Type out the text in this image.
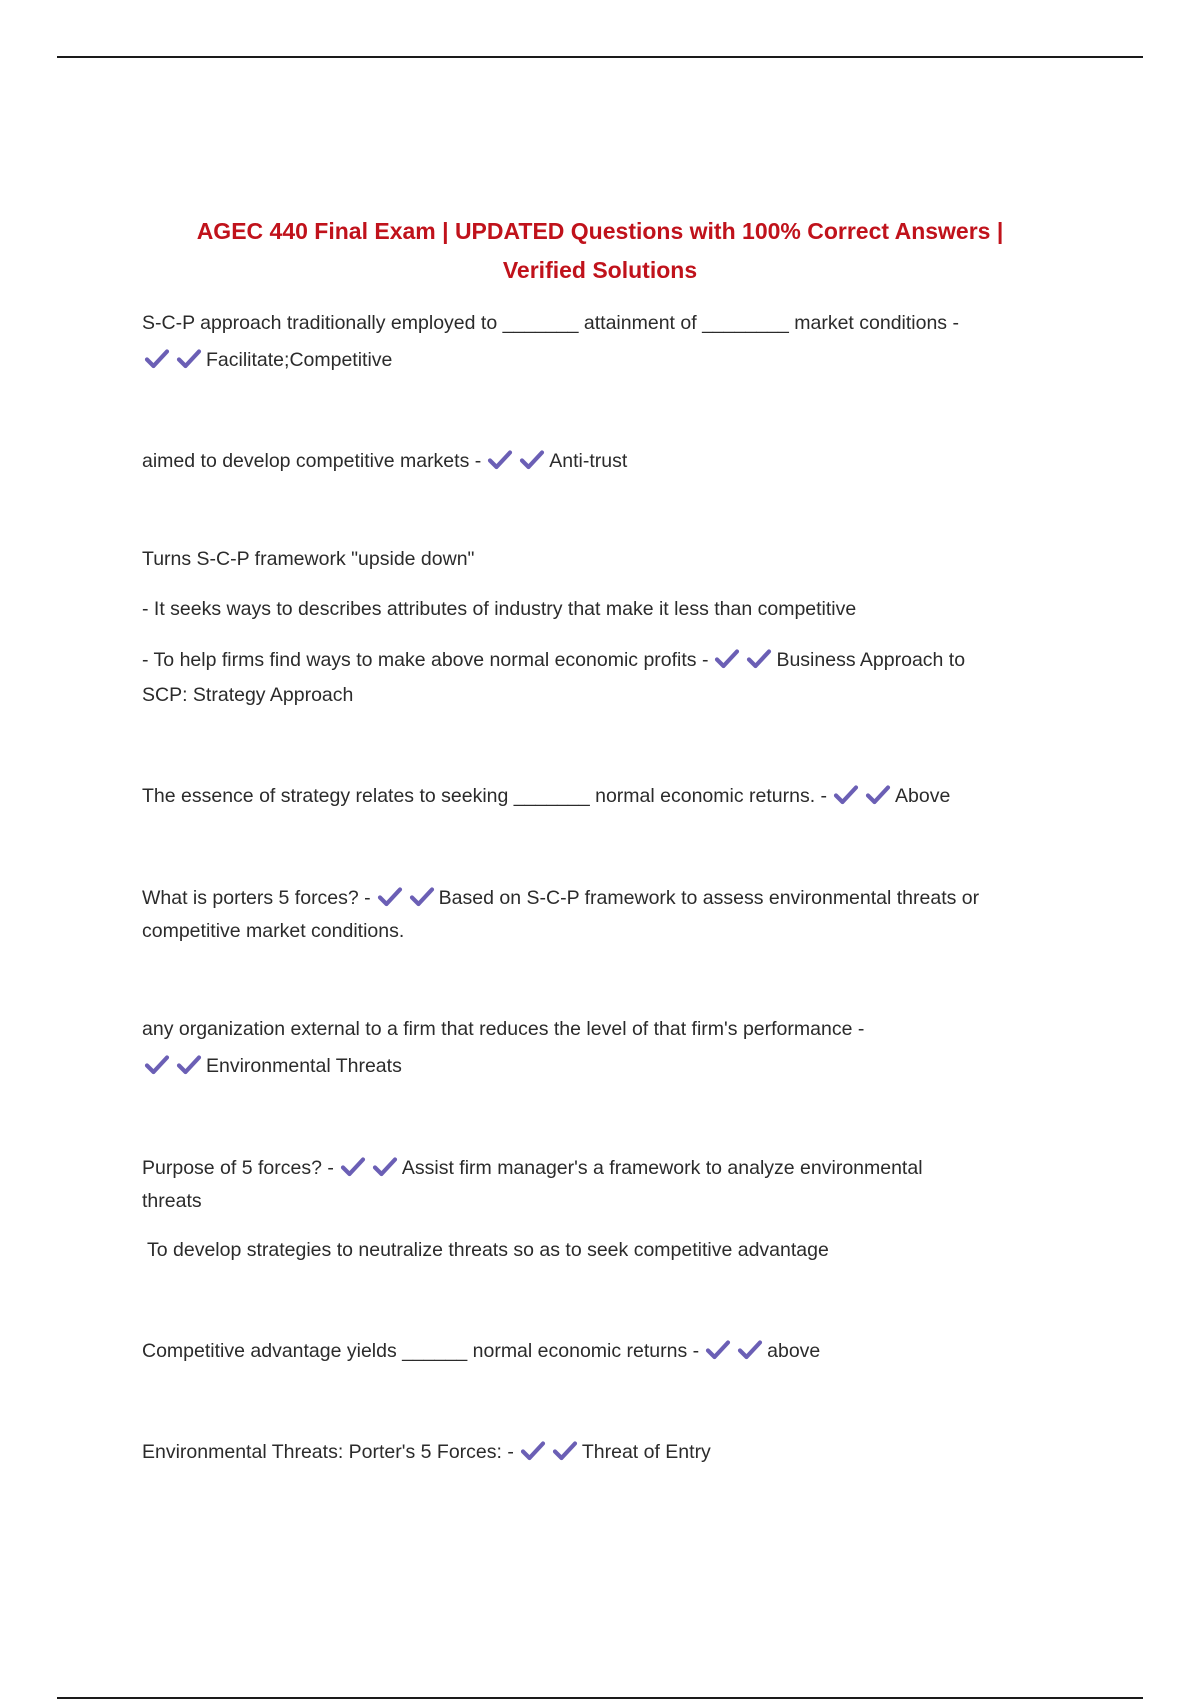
AGEC 440 Final Exam | UPDATED Questions with 100% Correct Answers |
Verified Solutions
S-C-P approach traditionally employed to _______ attainment of ________ market conditions -
Facilitate;Competitive
aimed to develop competitive markets -	Anti-trust
Turns S-C-P framework "upside down"
- It seeks ways to describes attributes of industry that make it less than competitive
- To help firms find ways to make above normal economic profits -	Business Approach to
SCP: Strategy Approach
The essence of strategy relates to seeking _______ normal economic returns. -	Above
What is porters 5 forces? -	Based on S-C-P framework to assess environmental threats or
competitive market conditions.
any organization external to a firm that reduces the level of that firm's performance -
Environmental Threats
Purpose of 5 forces? -	Assist firm manager's a framework to analyze environmental
threats
To develop strategies to neutralize threats so as to seek competitive advantage
Competitive advantage yields ______ normal economic returns -	above
Environmental Threats: Porter's 5 Forces: -	Threat of Entry
